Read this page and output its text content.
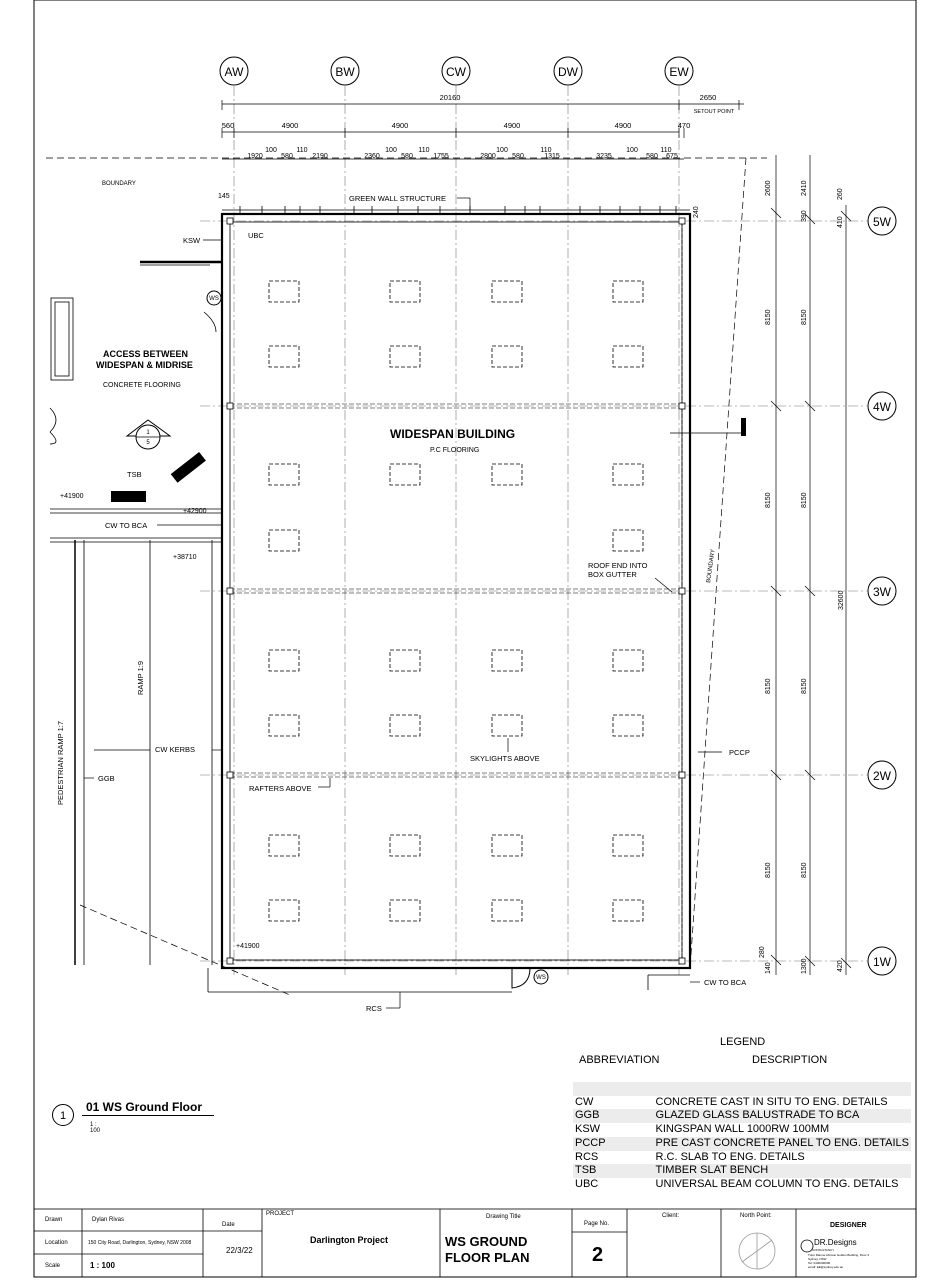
AW	BW	CW	DW	EW
5W
4W
3W
2W
1W
20160	2650
SETOUT POINT
560	4900	4900	4900	4900	470
1920
100
580
110
2190	2360
100
580
110
1755	2800
100
580
110
1315	3235
100
580
110
675
BOUNDARY
BOUNDARY
2600
8150
8150
8150
8150
280
140
2410
390
8150
8150
8150
8150
1300
260
410
420
32600
145
240
WS
WS
1
5
GREEN WALL STRUCTURE
UBC
KSW
ACCESS BETWEEN
WIDESPAN & MIDRISE
CONCRETE FLOORING
WIDESPAN BUILDING
P.C FLOORING
TSB
+41900
+42900
CW TO BCA
+38710
RAMP 1:9
PEDESTRIAN RAMP 1:7
ROOF END INTO
BOX GUTTER
CW KERBS
GGB
SKYLIGHTS ABOVE
PCCP
RAFTERS ABOVE
+41900
RCS
CW TO BCA
LEGEND
ABBREVIATION	DESCRIPTION

CW	CONCRETE CAST IN SITU TO ENG. DETAILS
GGB	GLAZED GLASS BALUSTRADE TO BCA
KSW	KINGSPAN WALL 1000RW 100MM
PCCP	PRE CAST CONCRETE PANEL TO ENG. DETAILS
RCS	R.C. SLAB TO ENG. DETAILS
TSB	TIMBER SLAT BENCH
UBC	UNIVERSAL BEAM COLUMN TO ENG. DETAILS
1
01 WS Ground Floor
1 : 100
Drawn	Dylan Rivas
Location	150 City Road, Darlington, Sydney, NSW 2008
Scale	1 : 100
Date
22/3/22
PROJECT
Darlington Project
Drawing Title
WS GROUND
FLOOR PLAN
Page No.
2
Client:	North Point:
DESIGNER
DR.Designs
CONSULTANCY
Tutor Dianne Abrosio Golden Building, Floor 3
Sydney, NSW
Tel: 0400000000
email: EE@sydney.edu.au
